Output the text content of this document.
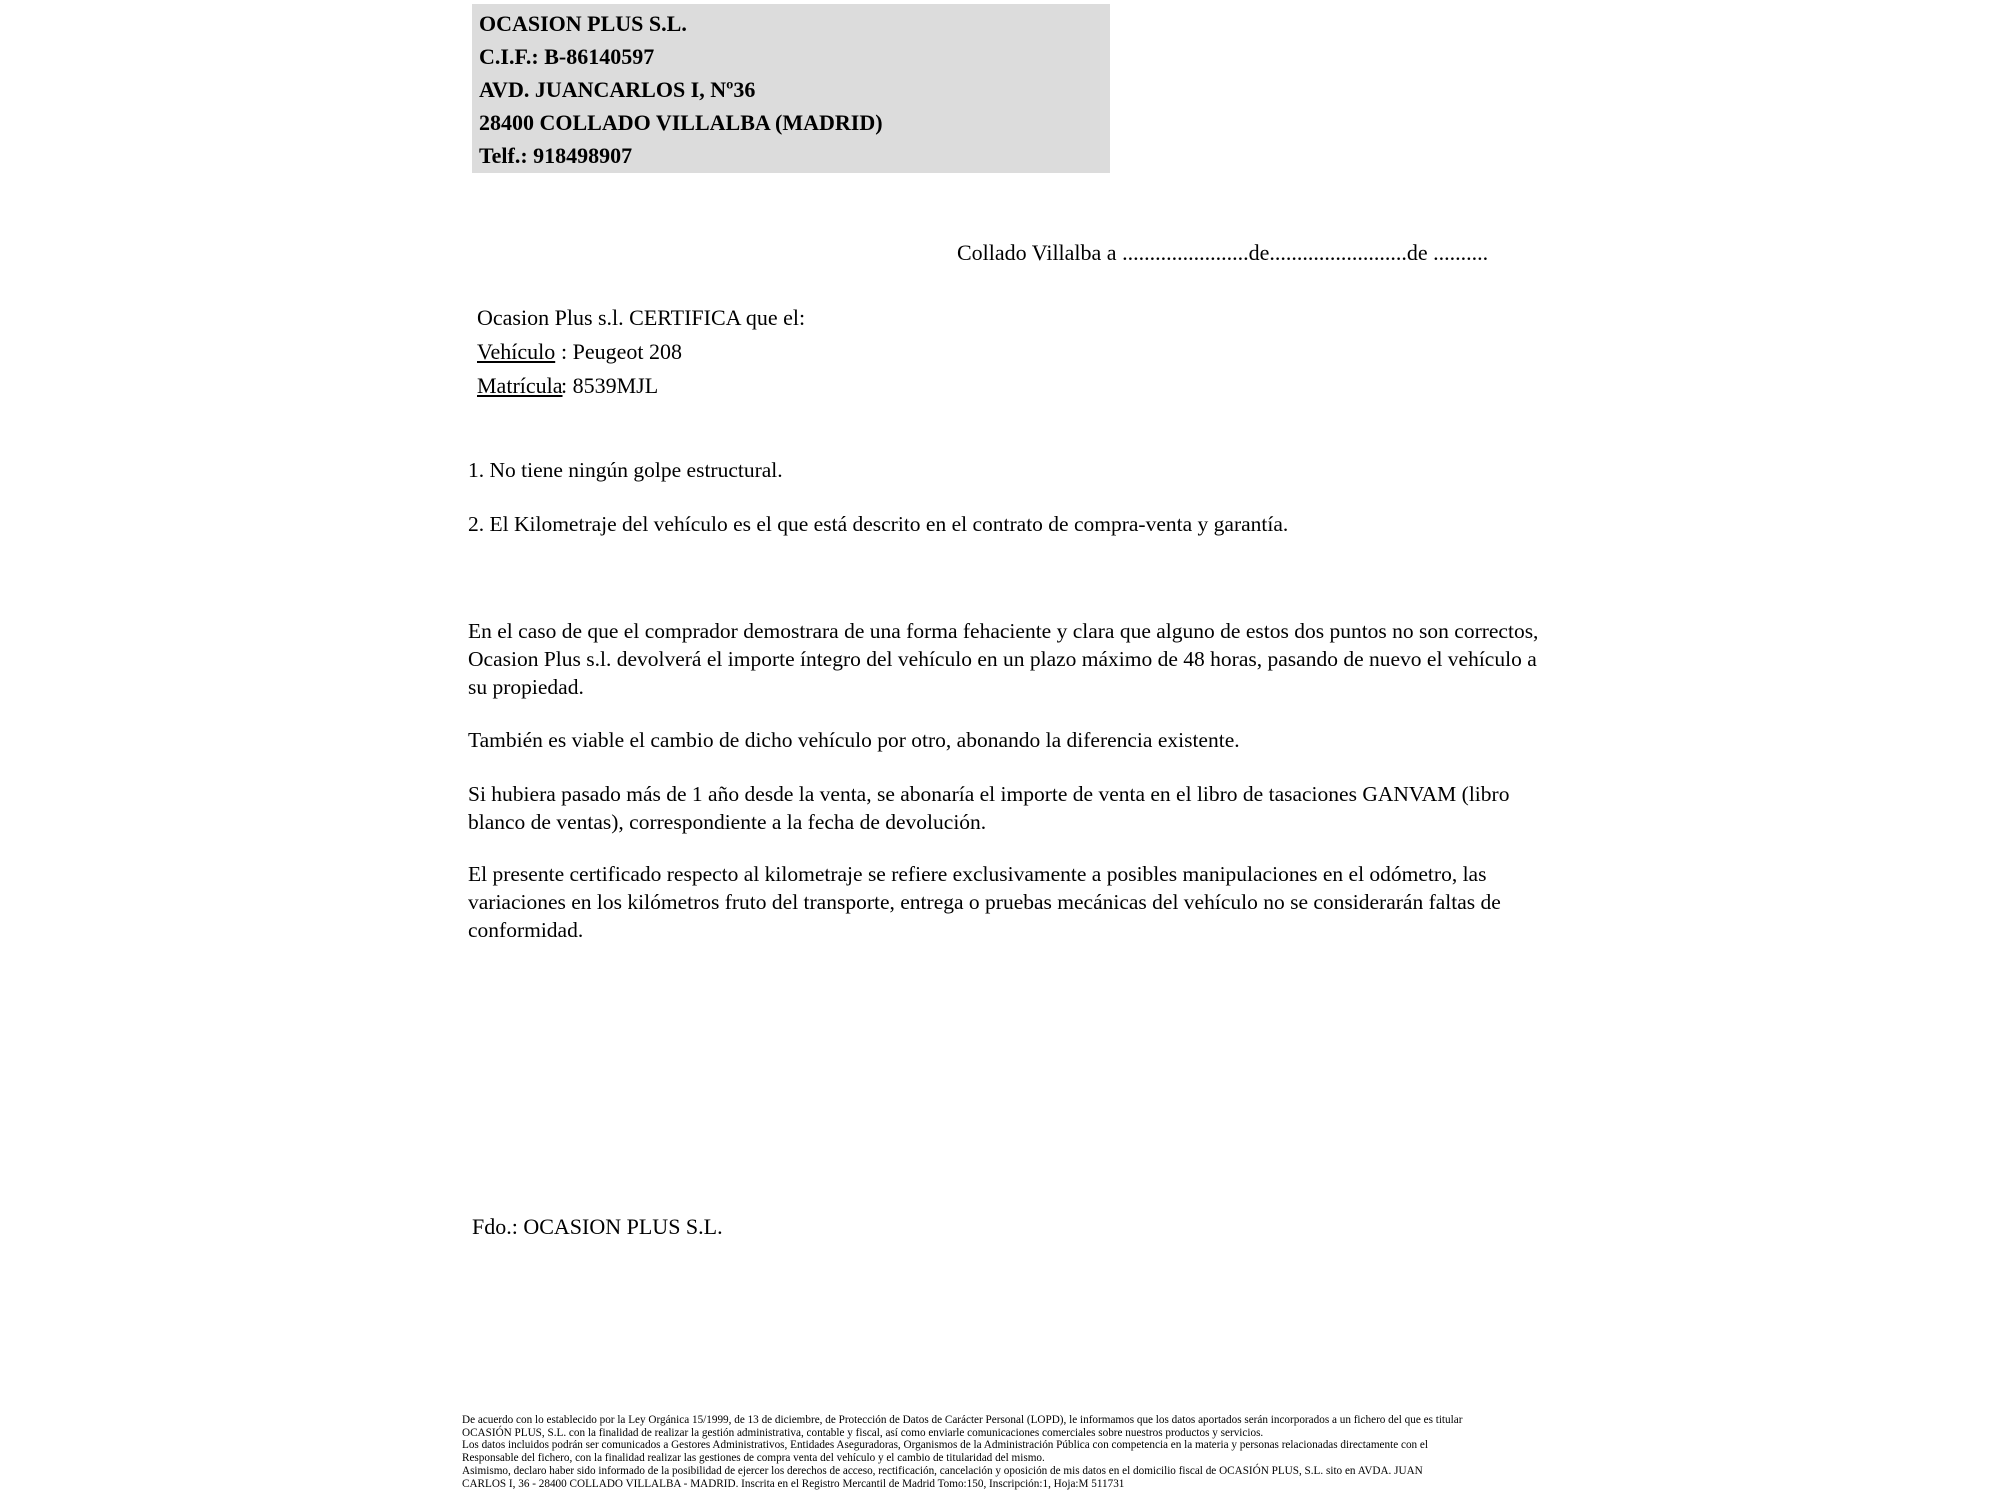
OCASION PLUS S.L.
C.I.F.: B-86140597
AVD. JUANCARLOS I, Nº36
28400 COLLADO VILLALBA (MADRID)
Telf.: 918498907
Collado Villalba a .......................de.........................de ..........
Ocasion Plus s.l. CERTIFICA que el:
Vehículo : Peugeot 208
Matrícula: 8539MJL
1. No tiene ningún golpe estructural.
2. El Kilometraje del vehículo es el que está descrito en el contrato de compra-venta y garantía.
En el caso de que el comprador demostrara de una forma fehaciente y clara que alguno de estos dos puntos no son correctos, Ocasion Plus s.l. devolverá el importe íntegro del vehículo en un plazo máximo de 48 horas, pasando de nuevo el vehículo a su propiedad.
También es viable el cambio de dicho vehículo por otro, abonando la diferencia existente.
Si hubiera pasado más de 1 año desde la venta, se abonaría el importe de venta en el libro de tasaciones GANVAM (libro blanco de ventas), correspondiente a la fecha de devolución.
El presente certificado respecto al kilometraje se refiere exclusivamente a posibles manipulaciones en el odómetro, las variaciones en los kilómetros fruto del transporte, entrega o pruebas mecánicas del vehículo no se considerarán faltas de conformidad.
Fdo.: OCASION PLUS S.L.
De acuerdo con lo establecido por la Ley Orgánica 15/1999, de 13 de diciembre, de Protección de Datos de Carácter Personal (LOPD), le informamos que los datos aportados serán incorporados a un fichero del que es titular
OCASIÓN PLUS, S.L. con la finalidad de realizar la gestión administrativa, contable y fiscal, así como enviarle comunicaciones comerciales sobre nuestros productos y servicios.
Los datos incluidos podrán ser comunicados a Gestores Administrativos, Entidades Aseguradoras, Organismos de la Administración Pública con competencia en la materia y personas relacionadas directamente con el
Responsable del fichero, con la finalidad realizar las gestiones de compra venta del vehículo y el cambio de titularidad del mismo.
Asimismo, declaro haber sido informado de la posibilidad de ejercer los derechos de acceso, rectificación, cancelación y oposición de mis datos en el domicilio fiscal de OCASIÓN PLUS, S.L. sito en AVDA. JUAN
CARLOS I, 36 - 28400 COLLADO VILLALBA - MADRID. Inscrita en el Registro Mercantil de Madrid Tomo:150, Inscripción:1, Hoja:M 511731
